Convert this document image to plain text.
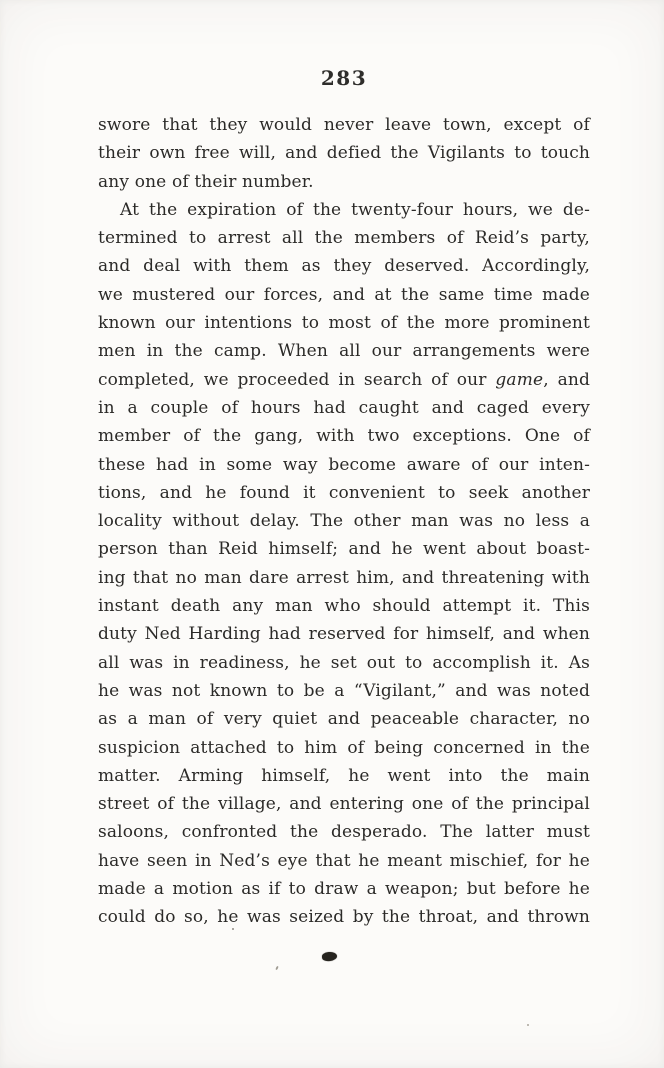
283
swore that they would never leave town, except of
their own free will, and defied the Vigilants to touch
any one of their number.
At the expiration of the twenty-four hours, we de-
termined to arrest all the members of Reid’s party,
and deal with them as they deserved. Accordingly,
we mustered our forces, and at the same time made
known our intentions to most of the more prominent
men in the camp. When all our arrangements were
completed, we proceeded in search of our game, and
in a couple of hours had caught and caged every
member of the gang, with two exceptions. One of
these had in some way become aware of our inten-
tions, and he found it convenient to seek another
locality without delay. The other man was no less a
person than Reid himself; and he went about boast-
ing that no man dare arrest him, and threatening with
instant death any man who should attempt it. This
duty Ned Harding had reserved for himself, and when
all was in readiness, he set out to accomplish it. As
he was not known to be a “Vigilant,” and was noted
as a man of very quiet and peaceable character, no
suspicion attached to him of being concerned in the
matter. Arming himself, he went into the main
street of the village, and entering one of the principal
saloons, confronted the desperado. The latter must
have seen in Ned’s eye that he meant mischief, for he
made a motion as if to draw a weapon; but before he
could do so, he was seized by the throat, and thrown
